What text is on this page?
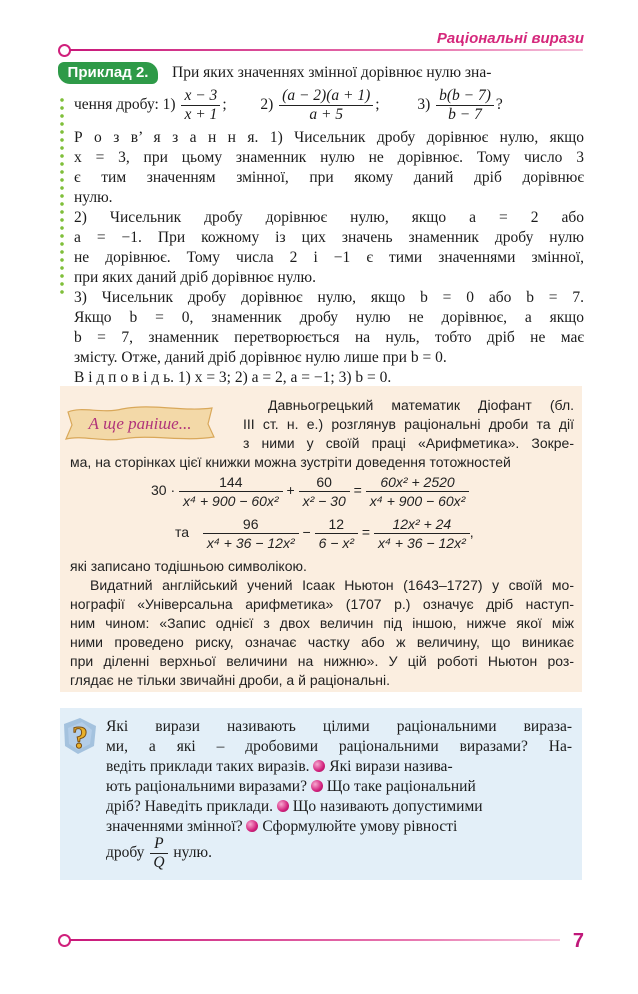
Раціональні вирази
Приклад 2.	При яких значеннях змінної дорівнює нулю зна-
чення дробу: $1) \frac{x - 3}{x + 1}$ ; $2) \frac{(a - 2)(a + 1)}{a + 5}$ ; $3) \frac{b(b - 7)}{b - 7}$ ?
Р о з в’ я з а н н я. 1) Чисельник дробу дорівнює нулю, якщо
x = 3, при цьому знаменник нулю не дорівнює. Тому число 3
є тим значенням змінної, при якому даний дріб дорівнює
нулю.
2) Чисельник дробу дорівнює нулю, якщо a = 2 або
a = −1. При кожному із цих значень знаменник дробу нулю
не дорівнює. Тому числа 2 і −1 є тими значеннями змінної,
при яких даний дріб дорівнює нулю.
3) Чисельник дробу дорівнює нулю, якщо b = 0 або b = 7.
Якщо b = 0, знаменник дробу нулю не дорівнює, а якщо
b = 7, знаменник перетворюється на нуль, тобто дріб не має
змісту. Отже, даний дріб дорівнює нулю лише при b = 0.
В і д п о в і д ь. 1) x = 3; 2) a = 2, a = −1; 3) b = 0.
А ще раніше...
Давньогрецький математик Діофант (бл.
III ст. н. е.) розглянув раціональні дроби та дії
з ними у своїй праці «Арифметика». Зокре-
ма, на сторінках цієї книжки можна зустріти доведення тотожностей
$30 \cdot \frac{144}{\text{x⁴ + 900 − 60x²}} + \frac{60}{\text{x² − 30}} = \frac{\text{60x² + 2520}}{\text{x⁴ + 900 − 60x²}}$
та $\frac{96}{\text{x⁴ + 36 − 12x²}} - \frac{12}{\text{6 − x²}} = \frac{\text{12x² + 24}}{\text{x⁴ + 36 − 12x²}}$ ,
які записано тодішньою символікою.
Видатний англійський учений Ісаак Ньютон (1643–1727) у своїй мо-
нографії «Універсальна арифметика» (1707 р.) означує дріб наступ-
ним чином: «Запис однієї з двох величин під іншою, нижче якої між
ними проведено риску, означає частку або ж величину, що виникає
при діленні верхньої величини на нижню». У цій роботі Ньютон роз-
глядає не тільки звичайні дроби, а й раціональні.
? Які вирази називають цілими раціональними виразa-
ми, а які – дробовими раціональними виразами? На-
ведіть приклади таких виразів. Які вирази назива-
ють раціональними виразами? Що таке раціональний
дріб? Наведіть приклади. Що називають допустимими
значеннями змінної? Сформулюйте умову рівності
дробу $\frac{P}{Q}$ нулю.
7
